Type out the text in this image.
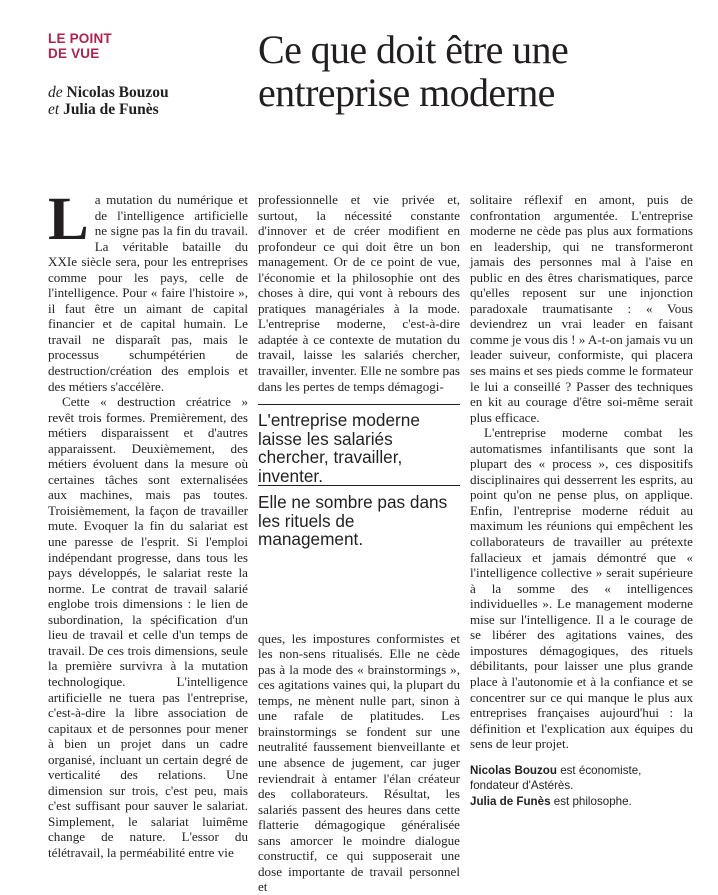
LE POINT
DE VUE
de Nicolas Bouzou
et Julia de Funès
Ce que doit être une
entreprise moderne
L a mutation du numérique et de l'intelligence artificielle ne signe pas la fin du travail. La véritable bataille du XXIe siècle sera, pour les entreprises comme pour les pays, celle de l'intelligence. Pour « faire l'histoire », il faut être un aimant de capital financier et de capital humain. Le travail ne disparaît pas, mais le processus schumpétérien de destruction/création des emplois et des métiers s'accélère.

Cette « destruction créatrice » revêt trois formes. Premièrement, des métiers disparaissent et d'autres apparaissent. Deuxièmement, des métiers évoluent dans la mesure où certaines tâches sont externalisées aux machines, mais pas toutes. Troisièmement, la façon de travailler mute. Evoquer la fin du salariat est une paresse de l'esprit. Si l'emploi indépendant progresse, dans tous les pays développés, le salariat reste la norme. Le contrat de travail salarié englobe trois dimensions : le lien de subordination, la spécification d'un lieu de travail et celle d'un temps de travail. De ces trois dimensions, seule la première survivra à la mutation technologique. L'intelligence artificielle ne tuera pas l'entreprise, c'est-à-dire la libre association de capitaux et de personnes pour mener à bien un projet dans un cadre organisé, incluant un certain degré de verticalité des relations. Une dimension sur trois, c'est peu, mais c'est suffisant pour sauver le salariat. Simplement, le salariat luimême change de nature. L'essor du télétravail, la perméabilité entre vie

professionnelle et vie privée et, surtout, la nécessité constante d'innover et de créer modifient en profondeur ce qui doit être un bon management. Or de ce point de vue, l'économie et la philosophie ont des choses à dire, qui vont à rebours des pratiques managériales à la mode. L'entreprise moderne, c'est-à-dire adaptée à ce contexte de mutation du travail, laisse les salariés chercher, travailler, inventer. Elle ne sombre pas dans les pertes de temps démagogi-

L'entreprise moderne laisse les salariés chercher, travailler, inventer.

Elle ne sombre pas dans les rituels de management.

ques, les impostures conformistes et les non-sens ritualisés. Elle ne cède pas à la mode des « brainstormings », ces agitations vaines qui, la plupart du temps, ne mènent nulle part, sinon à une rafale de platitudes. Les brainstormings se fondent sur une neutralité faussement bienveillante et une absence de jugement, car juger reviendrait à entamer l'élan créateur des collaborateurs. Résultat, les salariés passent des heures dans cette flatterie démagogique généralisée sans amorcer le moindre dialogue constructif, ce qui supposerait une dose importante de travail personnel et

solitaire réflexif en amont, puis de confrontation argumentée. L'entreprise moderne ne cède pas plus aux formations en leadership, qui ne transformeront jamais des personnes mal à l'aise en public en des êtres charismatiques, parce qu'elles reposent sur une injonction paradoxale traumatisante : « Vous deviendrez un vrai leader en faisant comme je vous dis ! » A-t-on jamais vu un leader suiveur, conformiste, qui placera ses mains et ses pieds comme le formateur le lui a conseillé ? Passer des techniques en kit au courage d'être soi-même serait plus efficace.

L'entreprise moderne combat les automatismes infantilisants que sont la plupart des « process », ces dispositifs disciplinaires qui desserrent les esprits, au point qu'on ne pense plus, on applique. Enfin, l'entreprise moderne réduit au maximum les réunions qui empêchent les collaborateurs de travailler au prétexte fallacieux et jamais démontré que « l'intelligence collective » serait supérieure à la somme des « intelligences individuelles ». Le management moderne mise sur l'intelligence. Il a le courage de se libérer des agitations vaines, des impostures démagogiques, des rituels débilitants, pour laisser une plus grande place à l'autonomie et à la confiance et se concentrer sur ce qui manque le plus aux entreprises françaises aujourd'hui : la définition et l'explication aux équipes du sens de leur projet.

Nicolas Bouzou est économiste, fondateur d'Astérès.
Julia de Funès est philosophe.
